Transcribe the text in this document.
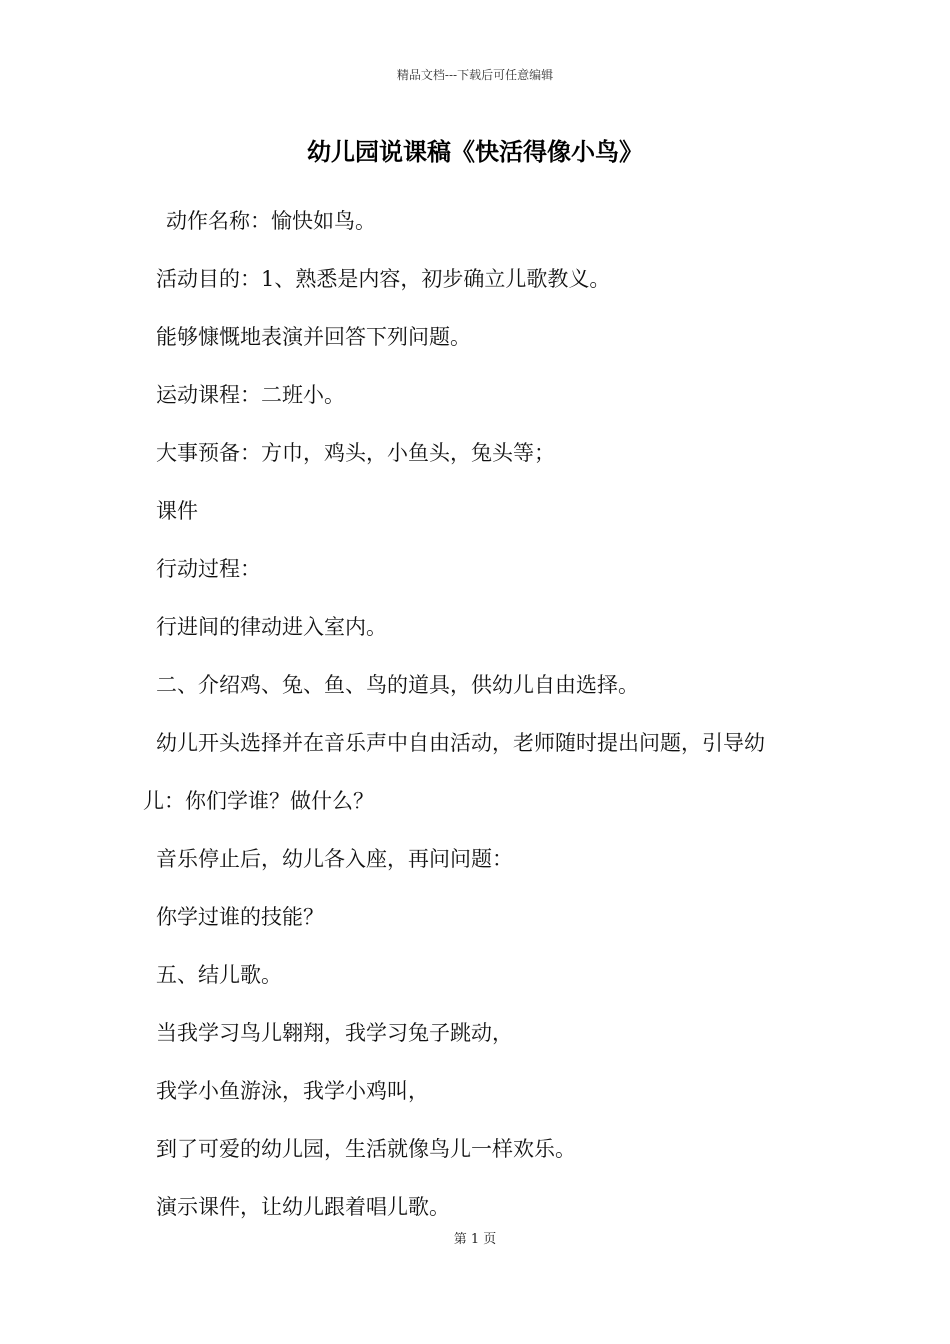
精品文档---下载后可任意编辑
幼儿园说课稿《快活得像小鸟》
动作名称：愉快如鸟。
活动目的：1、熟悉是内容，初步确立儿歌教义。
能够慷慨地表演并回答下列问题。
运动课程：二班小。
大事预备：方巾，鸡头，小鱼头，兔头等；
课件
行动过程：
行进间的律动进入室内。
二、介绍鸡、兔、鱼、鸟的道具，供幼儿自由选择。
幼儿开头选择并在音乐声中自由活动，老师随时提出问题，引导幼
儿：你们学谁？做什么？
音乐停止后，幼儿各入座，再问问题：
你学过谁的技能？
五、结儿歌。
当我学习鸟儿翱翔，我学习兔子跳动，
我学小鱼游泳，我学小鸡叫，
到了可爱的幼儿园，生活就像鸟儿一样欢乐。
演示课件，让幼儿跟着唱儿歌。
第 1 页
